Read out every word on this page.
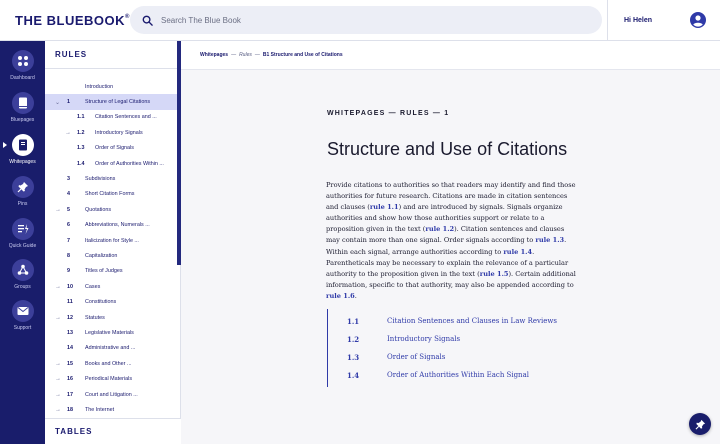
THE BLUEBOOK®
Search The Blue Book	Hi Helen
Dashboard
Bluepages
Whitepages
Pins
Quick Guide
Groups
Support
RULES
Introduction
⌄ 1	Structure of Legal Citations
1.1 Citation Sentences and ...
→ 1.2 Introductory Signals
1.3 Order of Signals
1.4 Order of Authorities Within ...
3	Subdivisions
4	Short Citation Forms
→ 5	Quotations
6	Abbreviations, Numerals ...
7	Italicization for Style ...
8	Capitalization
9	Titles of Judges
→ 10 Cases
11 Constitutions
→ 12 Statutes
13 Legislative Materials
14 Administrative and ...
→ 15 Books and Other ...
→ 16 Periodical Materials
→ 17 Court and Litigation ...
→ 18 The Internet
TABLES
Whitepages — Rules — B1 Structure and Use of Citations
WHITEPAGES — RULES — 1
Structure and Use of Citations
Provide citations to authorities so that readers may identify and find those authorities for future research. Citations are made in citation sentences and clauses (rule 1.1) and are introduced by signals. Signals organize authorities and show how those authorities support or relate to a proposition given in the text (rule 1.2). Citation sentences and clauses may contain more than one signal. Order signals according to rule 1.3. Within each signal, arrange authorities according to rule 1.4. Parentheticals may be necessary to explain the relevance of a particular authority to the proposition given in the text (rule 1.5). Certain additional information, specific to that authority, may also be appended according to rule 1.6.
1.1	Citation Sentences and Clauses in Law Reviews
1.2	Introductory Signals
1.3	Order of Signals
1.4	Order of Authorities Within Each Signal
